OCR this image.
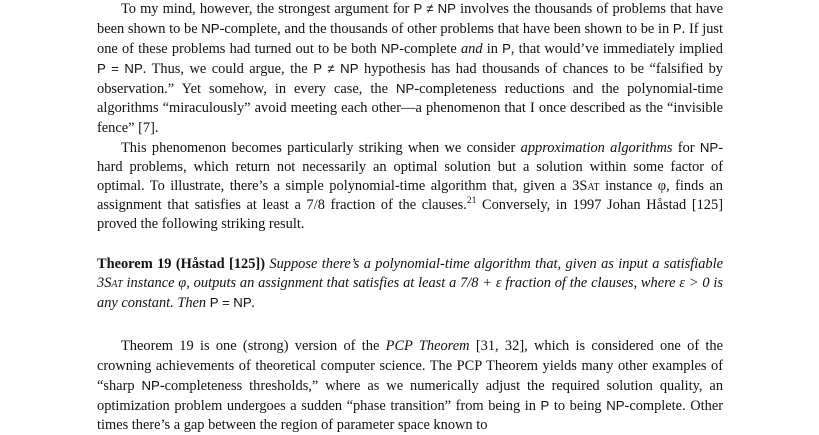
To my mind, however, the strongest argument for P ≠ NP involves the thousands of problems that have been shown to be NP-complete, and the thousands of other problems that have been shown to be in P. If just one of these problems had turned out to be both NP-complete and in P, that would’ve immediately implied P = NP. Thus, we could argue, the P ≠ NP hypothesis has had thousands of chances to be “falsified by observation.” Yet somehow, in every case, the NP-completeness reductions and the polynomial-time algorithms “miraculously” avoid meeting each other—a phenomenon that I once described as the “invisible fence” [7].

This phenomenon becomes particularly striking when we consider approximation algorithms for NP-hard problems, which return not necessarily an optimal solution but a solution within some factor of optimal. To illustrate, there’s a simple polynomial-time algorithm that, given a 3Sat instance φ, finds an assignment that satisfies at least a 7/8 fraction of the clauses.$^{21}$ Conversely, in 1997 Johan Håstad [125] proved the following striking result.

Theorem 19 (Håstad [125]) Suppose there’s a polynomial-time algorithm that, given as input a satisfiable 3Sat instance φ, outputs an assignment that satisfies at least a 7/8 + ε fraction of the clauses, where ε > 0 is any constant. Then P = NP.

Theorem 19 is one (strong) version of the PCP Theorem [31, 32], which is considered one of the crowning achievements of theoretical computer science. The PCP Theorem yields many other examples of “sharp NP-completeness thresholds,” where as we numerically adjust the required solution quality, an optimization problem undergoes a sudden “phase transition” from being in P to being NP-complete. Other times there’s a gap between the region of parameter space known to
